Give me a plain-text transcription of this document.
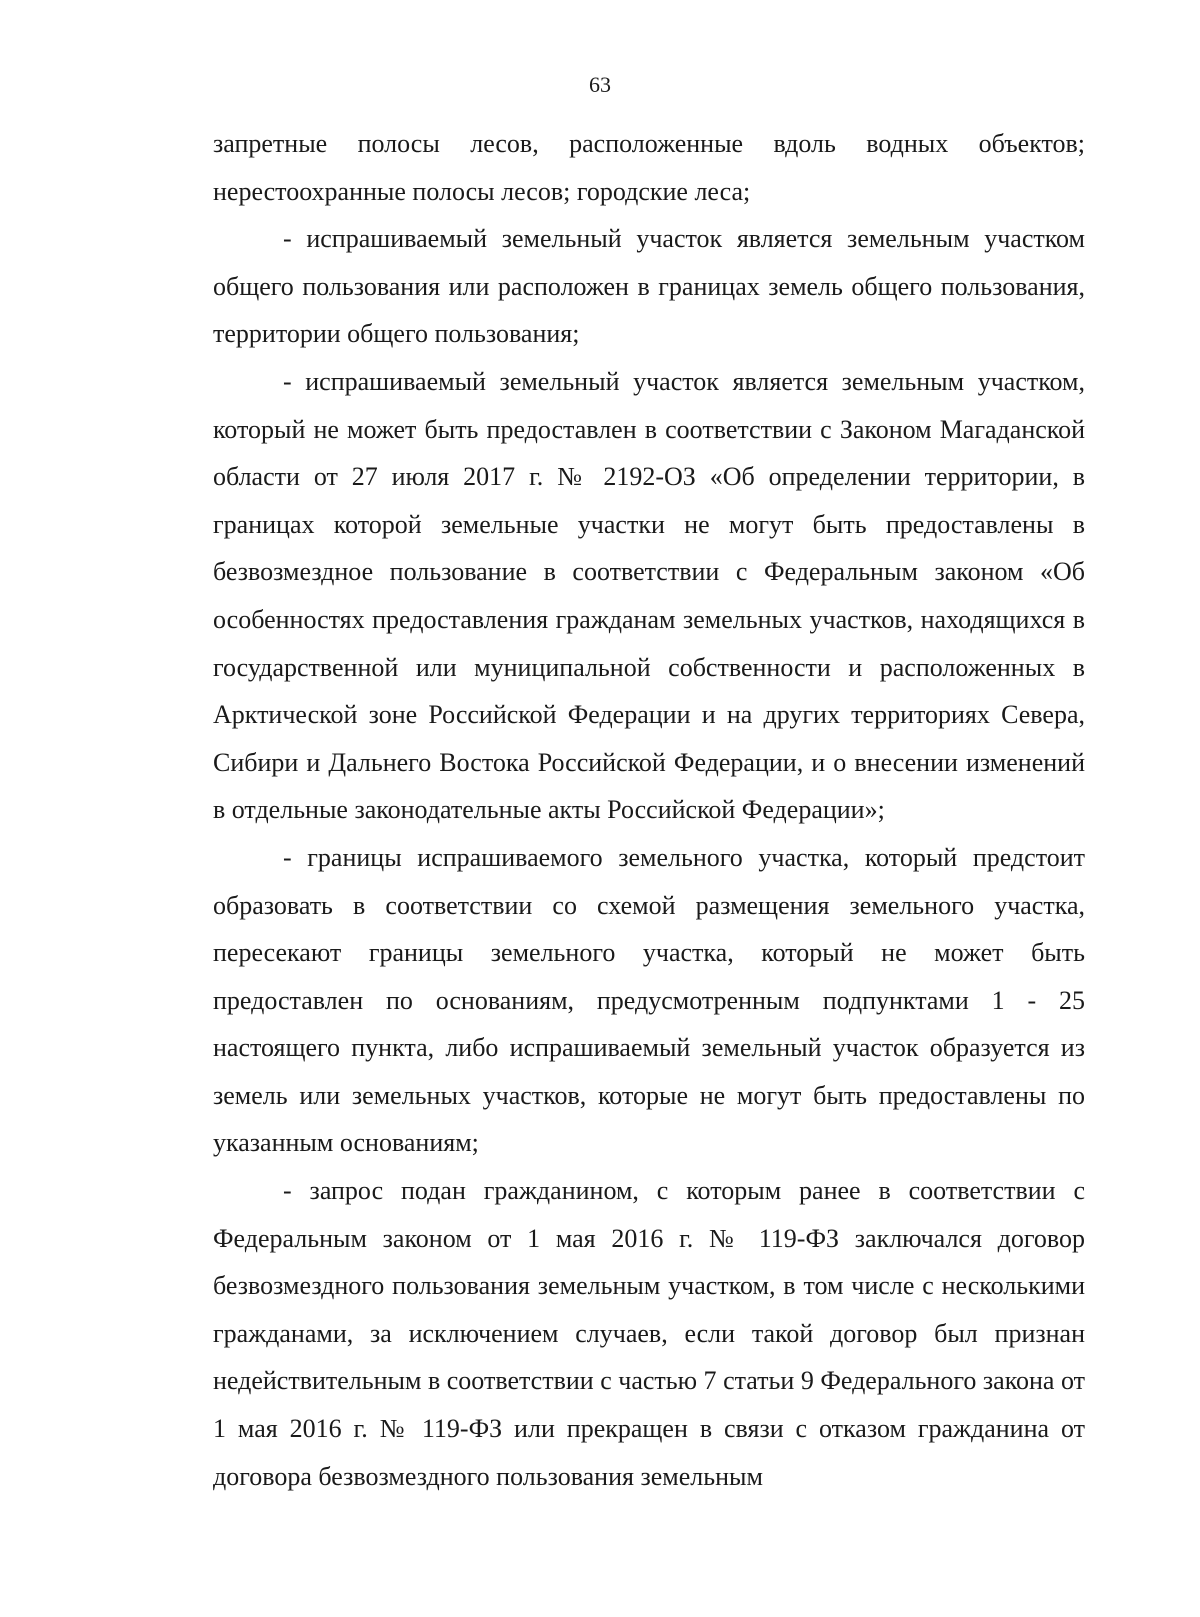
63

запретные полосы лесов, расположенные вдоль водных объектов; нерестоохранные полосы лесов; городские леса;

- испрашиваемый земельный участок является земельным участком общего пользования или расположен в границах земель общего пользования, территории общего пользования;

- испрашиваемый земельный участок является земельным участком, который не может быть предоставлен в соответствии с Законом Магаданской области от 27 июля 2017 г. № 2192-ОЗ «Об определении территории, в границах которой земельные участки не могут быть предоставлены в безвозмездное пользование в соответствии с Федеральным законом «Об особенностях предоставления гражданам земельных участков, находящихся в государственной или муниципальной собственности и расположенных в Арктической зоне Российской Федерации и на других территориях Севера, Сибири и Дальнего Востока Российской Федерации, и о внесении изменений в отдельные законодательные акты Российской Федерации»;

- границы испрашиваемого земельного участка, который предстоит образовать в соответствии со схемой размещения земельного участка, пересекают границы земельного участка, который не может быть предоставлен по основаниям, предусмотренным подпунктами 1 - 25 настоящего пункта, либо испрашиваемый земельный участок образуется из земель или земельных участков, которые не могут быть предоставлены по указанным основаниям;

- запрос подан гражданином, с которым ранее в соответствии с Федеральным законом от 1 мая 2016 г. № 119-ФЗ заключался договор безвозмездного пользования земельным участком, в том числе с несколькими гражданами, за исключением случаев, если такой договор был признан недействительным в соответствии с частью 7 статьи 9 Федерального закона от 1 мая 2016 г. № 119-ФЗ или прекращен в связи с отказом гражданина от договора безвозмездного пользования земельным
